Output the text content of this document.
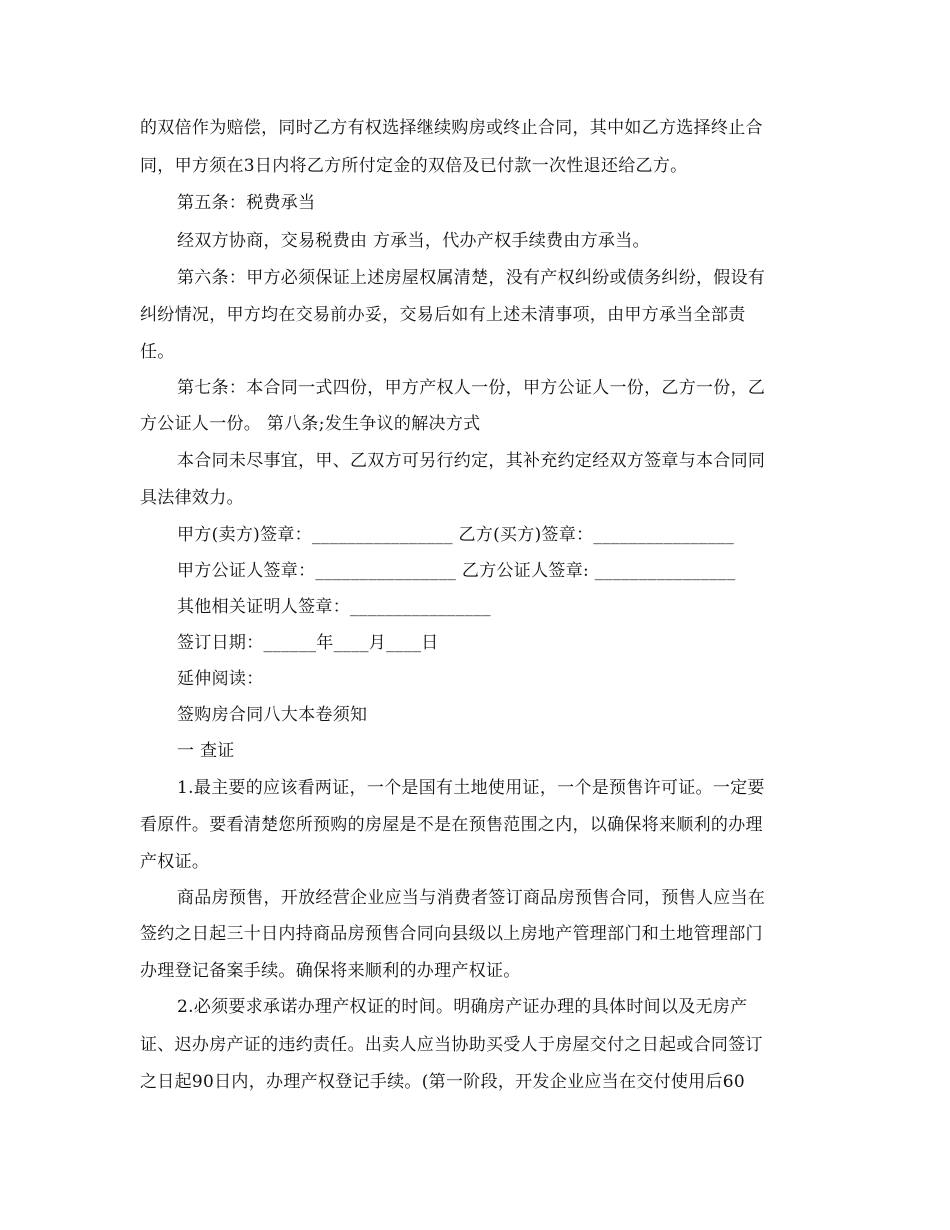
的双倍作为赔偿，同时乙方有权选择继续购房或终止合同，其中如乙方选择终止合
同，甲方须在3日内将乙方所付定金的双倍及已付款一次性退还给乙方。
第五条：税费承当
经双方协商，交易税费由 方承当，代办产权手续费由方承当。
第六条：甲方必须保证上述房屋权属清楚，没有产权纠纷或债务纠纷，假设有
纠纷情况，甲方均在交易前办妥，交易后如有上述未清事项，由甲方承当全部责
任。
第七条：本合同一式四份，甲方产权人一份，甲方公证人一份，乙方一份，乙
方公证人一份。 第八条;发生争议的解决方式
本合同未尽事宜，甲、乙双方可另行约定，其补充约定经双方签章与本合同同
具法律效力。
甲方(卖方)签章：________________ 乙方(买方)签章：________________
甲方公证人签章：________________ 乙方公证人签章: ________________
其他相关证明人签章：________________
签订日期：______年____月____日
延伸阅读：
签购房合同八大本卷须知
一 查证
1.最主要的应该看两证，一个是国有土地使用证，一个是预售许可证。一定要
看原件。要看清楚您所预购的房屋是不是在预售范围之内，以确保将来顺利的办理
产权证。
商品房预售，开放经营企业应当与消费者签订商品房预售合同，预售人应当在
签约之日起三十日内持商品房预售合同向县级以上房地产管理部门和土地管理部门
办理登记备案手续。确保将来顺利的办理产权证。
2.必须要求承诺办理产权证的时间。明确房产证办理的具体时间以及无房产
证、迟办房产证的违约责任。出卖人应当协助买受人于房屋交付之日起或合同签订
之日起90日内，办理产权登记手续。(第一阶段，开发企业应当在交付使用后60
